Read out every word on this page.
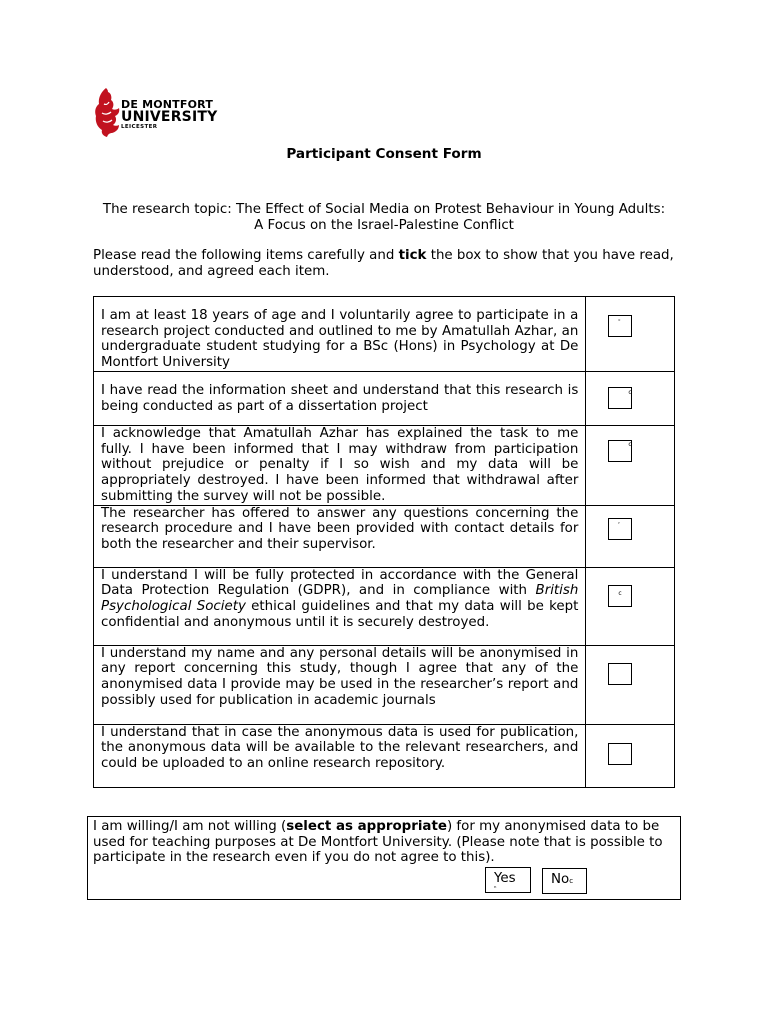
DE MONTFORT
UNIVERSITY
LEICESTER
Participant Consent Form
The research topic: The Effect of Social Media on Protest Behaviour in Young Adults: A Focus on the Israel-Palestine Conflict
Please read the following items carefully and tick the box to show that you have read, understood, and agreed each item.
I am at least 18 years of age and I voluntarily agree to participate in a research project conducted and outlined to me by Amatullah Azhar, an undergraduate student studying for a BSc (Hons) in Psychology at De Montfort University	ᶜ

I have read the information sheet and understand that this research is being conducted as part of a dissertation project	c

I acknowledge that Amatullah Azhar has explained the task to me fully. I have been informed that I may withdraw from participation without prejudice or penalty if I so wish and my data will be appropriately destroyed. I have been informed that withdrawal after submitting the survey will not be possible.	c

The researcher has offered to answer any questions concerning the research procedure and I have been provided with contact details for both the researcher and their supervisor.	ʳ

I understand I will be fully protected in accordance with the General Data Protection Regulation (GDPR), and in compliance with British Psychological Society ethical guidelines and that my data will be kept confidential and anonymous until it is securely destroyed.	c

I understand my name and any personal details will be anonymised in any report concerning this study, though I agree that any of the anonymised data I provide may be used in the researcher’s report and possibly used for publication in academic journals	

I understand that in case the anonymous data is used for publication, the anonymous data will be available to the relevant researchers, and could be uploaded to an online research repository.	

I am willing/I am not willing (select as appropriate) for my anonymised data to be used for teaching purposes at De Montfort University. (Please note that is possible to participate in the research even if you do not agree to this).
Yes
ⁿ
Noc
